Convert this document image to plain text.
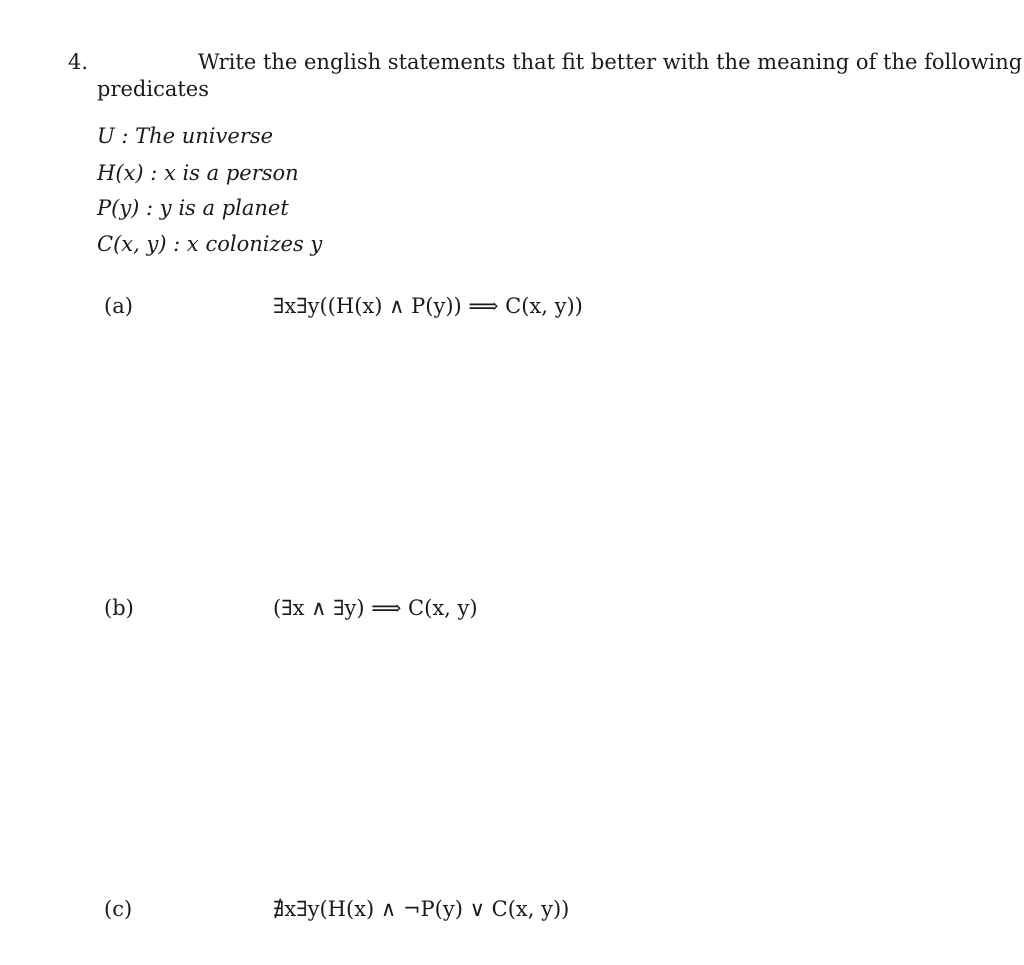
4.	Write the english statements that fit better with the meaning of the following
predicates
U : The universe
H(x) : x is a person
P(y) : y is a planet
C(x, y) : x colonizes y
(a)	∃x∃y((H(x) ∧ P(y)) ⟹ C(x, y))
(b)	(∃x ∧ ∃y) ⟹ C(x, y)
(c)	∄x∃y(H(x) ∧ ¬P(y) ∨ C(x, y))
